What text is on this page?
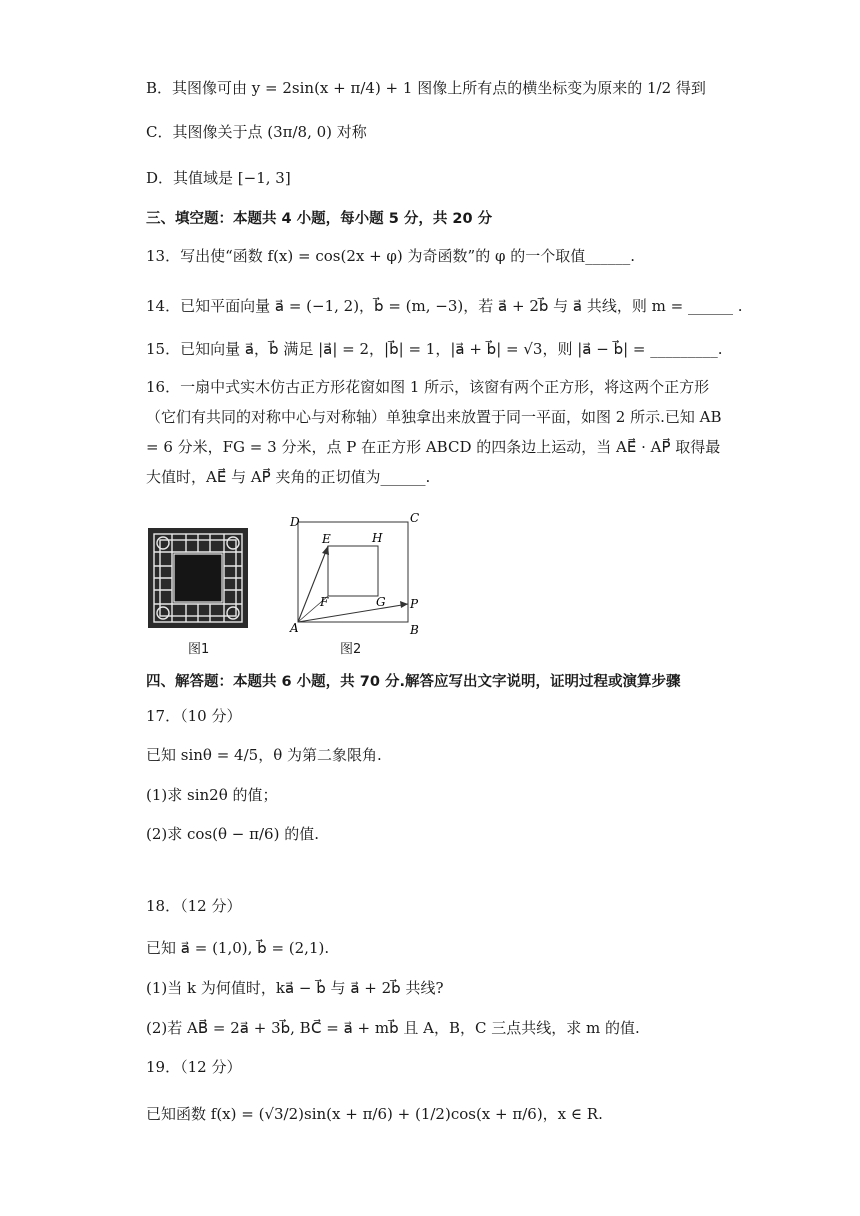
B．其图像可由 y = 2sin(x + π/4) + 1 图像上所有点的横坐标变为原来的 1/2 得到
C．其图像关于点 (3π/8, 0) 对称
D．其值域是 [−1, 3]
三、填空题：本题共 4 小题，每小题 5 分，共 20 分
13．写出使“函数 f(x) = cos(2x + φ) 为奇函数”的 φ 的一个取值______.
14．已知平面向量 a⃗ = (−1, 2)，b⃗ = (m, −3)，若 a⃗ + 2b⃗ 与 a⃗ 共线，则 m = ______ .
15．已知向量 a⃗，b⃗ 满足 |a⃗| = 2，|b⃗| = 1，|a⃗ + b⃗| = √3，则 |a⃗ − b⃗| = _________.
16．一扇中式实木仿古正方形花窗如图 1 所示，该窗有两个正方形，将这两个正方形（它们有共同的对称中心与对称轴）单独拿出来放置于同一平面，如图 2 所示.已知 AB = 6 分米，FG = 3 分米，点 P 在正方形 ABCD 的四条边上运动，当 AE⃗ · AP⃗ 取得最大值时，AE⃗ 与 AP⃗ 夹角的正切值为______.
D	C
A	B
E	H
F	G P
图1	图2
四、解答题：本题共 6 小题，共 70 分.解答应写出文字说明，证明过程或演算步骤
17．（10 分）
已知 sinθ = 4/5，θ 为第二象限角.
(1)求 sin2θ 的值；
(2)求 cos(θ − π/6) 的值.
18．（12 分）
已知 a⃗ = (1,0), b⃗ = (2,1).
(1)当 k 为何值时，ka⃗ − b⃗ 与 a⃗ + 2b⃗ 共线?
(2)若 AB⃗ = 2a⃗ + 3b⃗, BC⃗ = a⃗ + mb⃗ 且 A，B，C 三点共线，求 m 的值.
19．（12 分）
已知函数 f(x) = (√3/2)sin(x + π/6) + (1/2)cos(x + π/6)，x ∈ R.
